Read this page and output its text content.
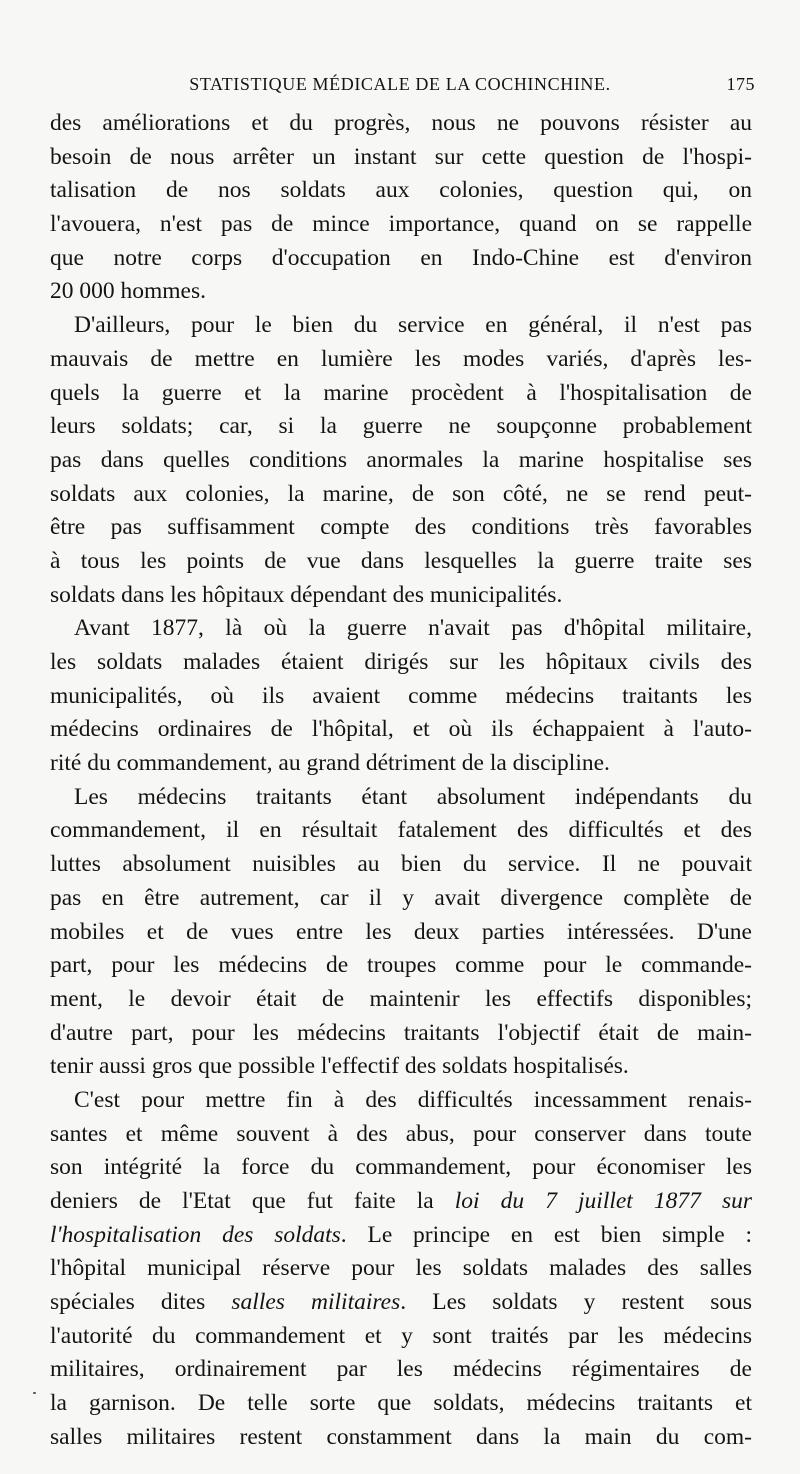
STATISTIQUE MÉDICALE DE LA COCHINCHINE.	175
des améliorations et du progrès, nous ne pouvons résister au
besoin de nous arrêter un instant sur cette question de l'hospi-
talisation de nos soldats aux colonies, question qui, on
l'avouera, n'est pas de mince importance, quand on se rappelle
que notre corps d'occupation en Indo-Chine est d'environ
20 000 hommes.
D'ailleurs, pour le bien du service en général, il n'est pas
mauvais de mettre en lumière les modes variés, d'après les-
quels la guerre et la marine procèdent à l'hospitalisation de
leurs soldats; car, si la guerre ne soupçonne probablement
pas dans quelles conditions anormales la marine hospitalise ses
soldats aux colonies, la marine, de son côté, ne se rend peut-
être pas suffisamment compte des conditions très favorables
à tous les points de vue dans lesquelles la guerre traite ses
soldats dans les hôpitaux dépendant des municipalités.
Avant 1877, là où la guerre n'avait pas d'hôpital militaire,
les soldats malades étaient dirigés sur les hôpitaux civils des
municipalités, où ils avaient comme médecins traitants les
médecins ordinaires de l'hôpital, et où ils échappaient à l'auto-
rité du commandement, au grand détriment de la discipline.
Les médecins traitants étant absolument indépendants du
commandement, il en résultait fatalement des difficultés et des
luttes absolument nuisibles au bien du service. Il ne pouvait
pas en être autrement, car il y avait divergence complète de
mobiles et de vues entre les deux parties intéressées. D'une
part, pour les médecins de troupes comme pour le commande-
ment, le devoir était de maintenir les effectifs disponibles;
d'autre part, pour les médecins traitants l'objectif était de main-
tenir aussi gros que possible l'effectif des soldats hospitalisés.
C'est pour mettre fin à des difficultés incessamment renais-
santes et même souvent à des abus, pour conserver dans toute
son intégrité la force du commandement, pour économiser les
deniers de l'Etat que fut faite la loi du 7 juillet 1877 sur
l'hospitalisation des soldats. Le principe en est bien simple :
l'hôpital municipal réserve pour les soldats malades des salles
spéciales dites salles militaires. Les soldats y restent sous
l'autorité du commandement et y sont traités par les médecins
militaires, ordinairement par les médecins régimentaires de
la garnison. De telle sorte que soldats, médecins traitants et
salles militaires restent constamment dans la main du com-
